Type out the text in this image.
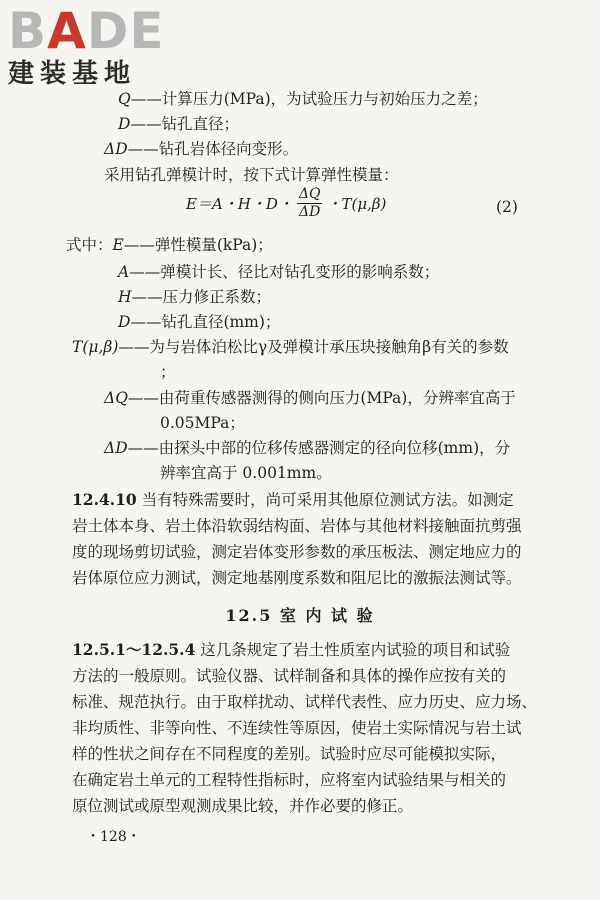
BADE
建装基地
Q——计算压力(MPa)，为试验压力与初始压力之差；
D——钻孔直径；
ΔD——钻孔岩体径向变形。
采用钻孔弹模计时，按下式计算弹性模量：
E＝A・H・D・ $\frac{\Delta Q}{\Delta D}$ ・T(μ,β)	(2)
式中：E——弹性模量(kPa)；
A——弹模计长、径比对钻孔变形的影响系数；
H——压力修正系数；
D——钻孔直径(mm)；
T(μ,β)——为与岩体泊松比γ及弹模计承压块接触角β有关的参数
；
ΔQ——由荷重传感器测得的侧向压力(MPa)，分辨率宜高于
0.05MPa；
ΔD——由探头中部的位移传感器测定的径向位移(mm)，分
辨率宜高于 0.001mm。
12.4.10 当有特殊需要时，尚可采用其他原位测试方法。如测定
岩土体本身、岩土体沿软弱结构面、岩体与其他材料接触面抗剪强
度的现场剪切试验，测定岩体变形参数的承压板法、测定地应力的
岩体原位应力测试，测定地基刚度系数和阻尼比的激振法测试等。
12.5 室 内 试 验
12.5.1～12.5.4 这几条规定了岩土性质室内试验的项目和试验
方法的一般原则。试验仪器、试样制备和具体的操作应按有关的
标准、规范执行。由于取样扰动、试样代表性、应力历史、应力场、
非均质性、非等向性、不连续性等原因，使岩土实际情况与岩土试
样的性状之间存在不同程度的差别。试验时应尽可能模拟实际，
在确定岩土单元的工程特性指标时，应将室内试验结果与相关的
原位测试或原型观测成果比较，并作必要的修正。
・128・
